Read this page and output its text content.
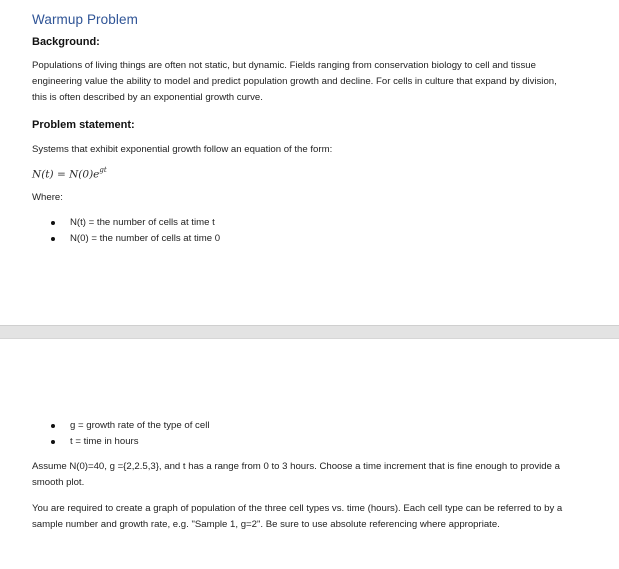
Warmup Problem
Background:
Populations of living things are often not static, but dynamic. Fields ranging from conservation biology to cell and tissue engineering value the ability to model and predict population growth and decline. For cells in culture that expand by division, this is often described by an exponential growth curve.
Problem statement:
Systems that exhibit exponential growth follow an equation of the form:
$N(t) = N(0)e^{gt}$
Where:
N(t) = the number of cells at time t
N(0) = the number of cells at time 0
g = growth rate of the type of cell
t = time in hours
Assume N(0)=40, g ={2,2.5,3}, and t has a range from 0 to 3 hours. Choose a time increment that is fine enough to provide a smooth plot.
You are required to create a graph of population of the three cell types vs. time (hours). Each cell type can be referred to by a sample number and growth rate, e.g. "Sample 1, g=2". Be sure to use absolute referencing where appropriate.
